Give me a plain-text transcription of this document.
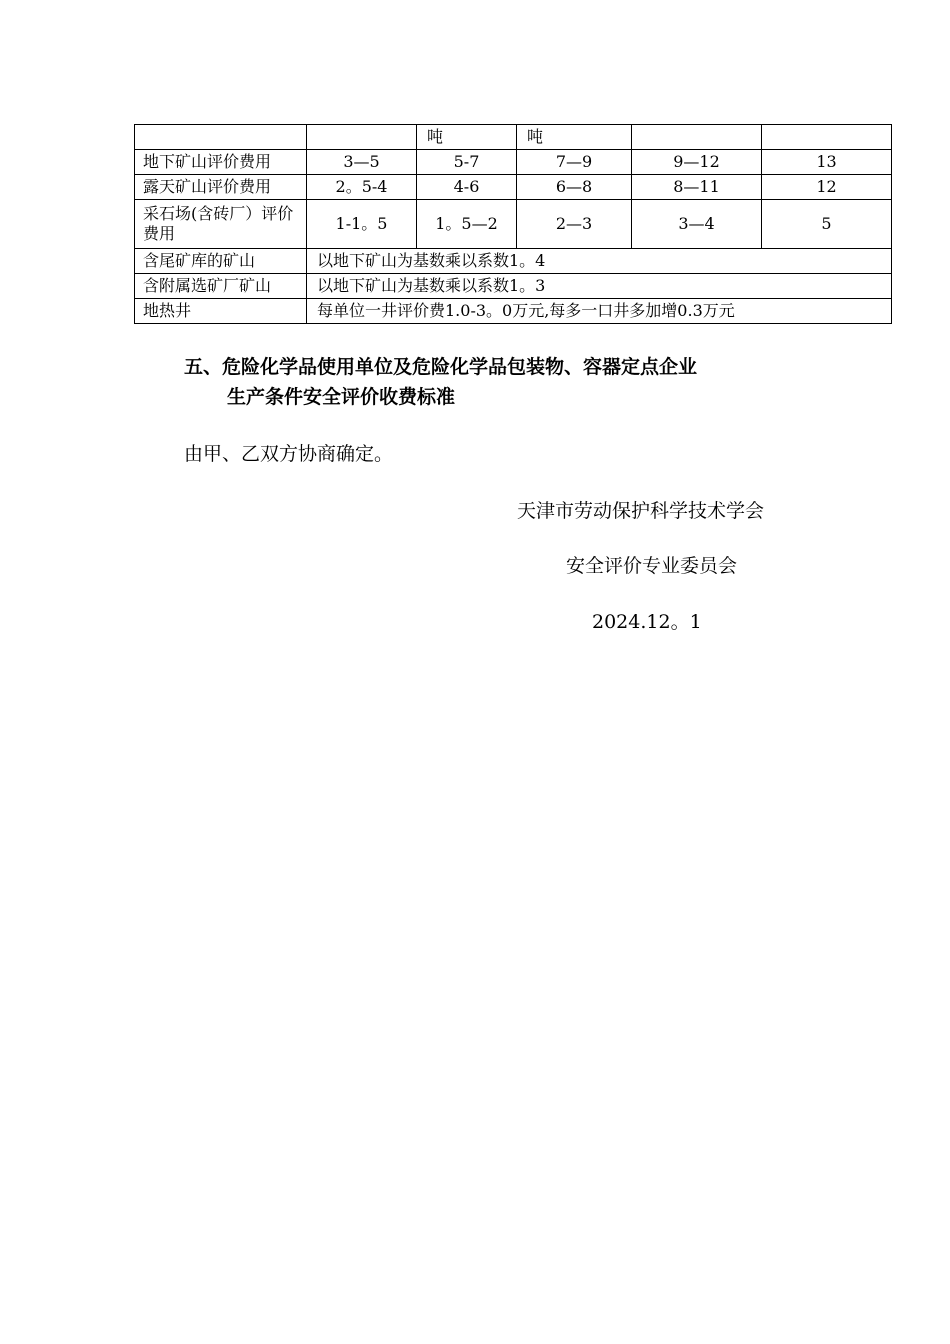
		吨	吨		
地下矿山评价费用	3—5	5-7	7—9	9—12	13
露天矿山评价费用	2。5-4	4-6	6—8	8—11	12
采石场(含砖厂）评价费用	1-1。5	1。5—2	2—3	3—4	5
含尾矿库的矿山	以地下矿山为基数乘以系数1。4				
含附属选矿厂矿山	以地下矿山为基数乘以系数1。3				
地热井	每单位一井评价费1.0-3。0万元,每多一口井多加增0.3万元				
五、危险化学品使用单位及危险化学品包装物、容器定点企业
生产条件安全评价收费标准
由甲、乙双方协商确定。
天津市劳动保护科学技术学会
安全评价专业委员会
2024.12。1
